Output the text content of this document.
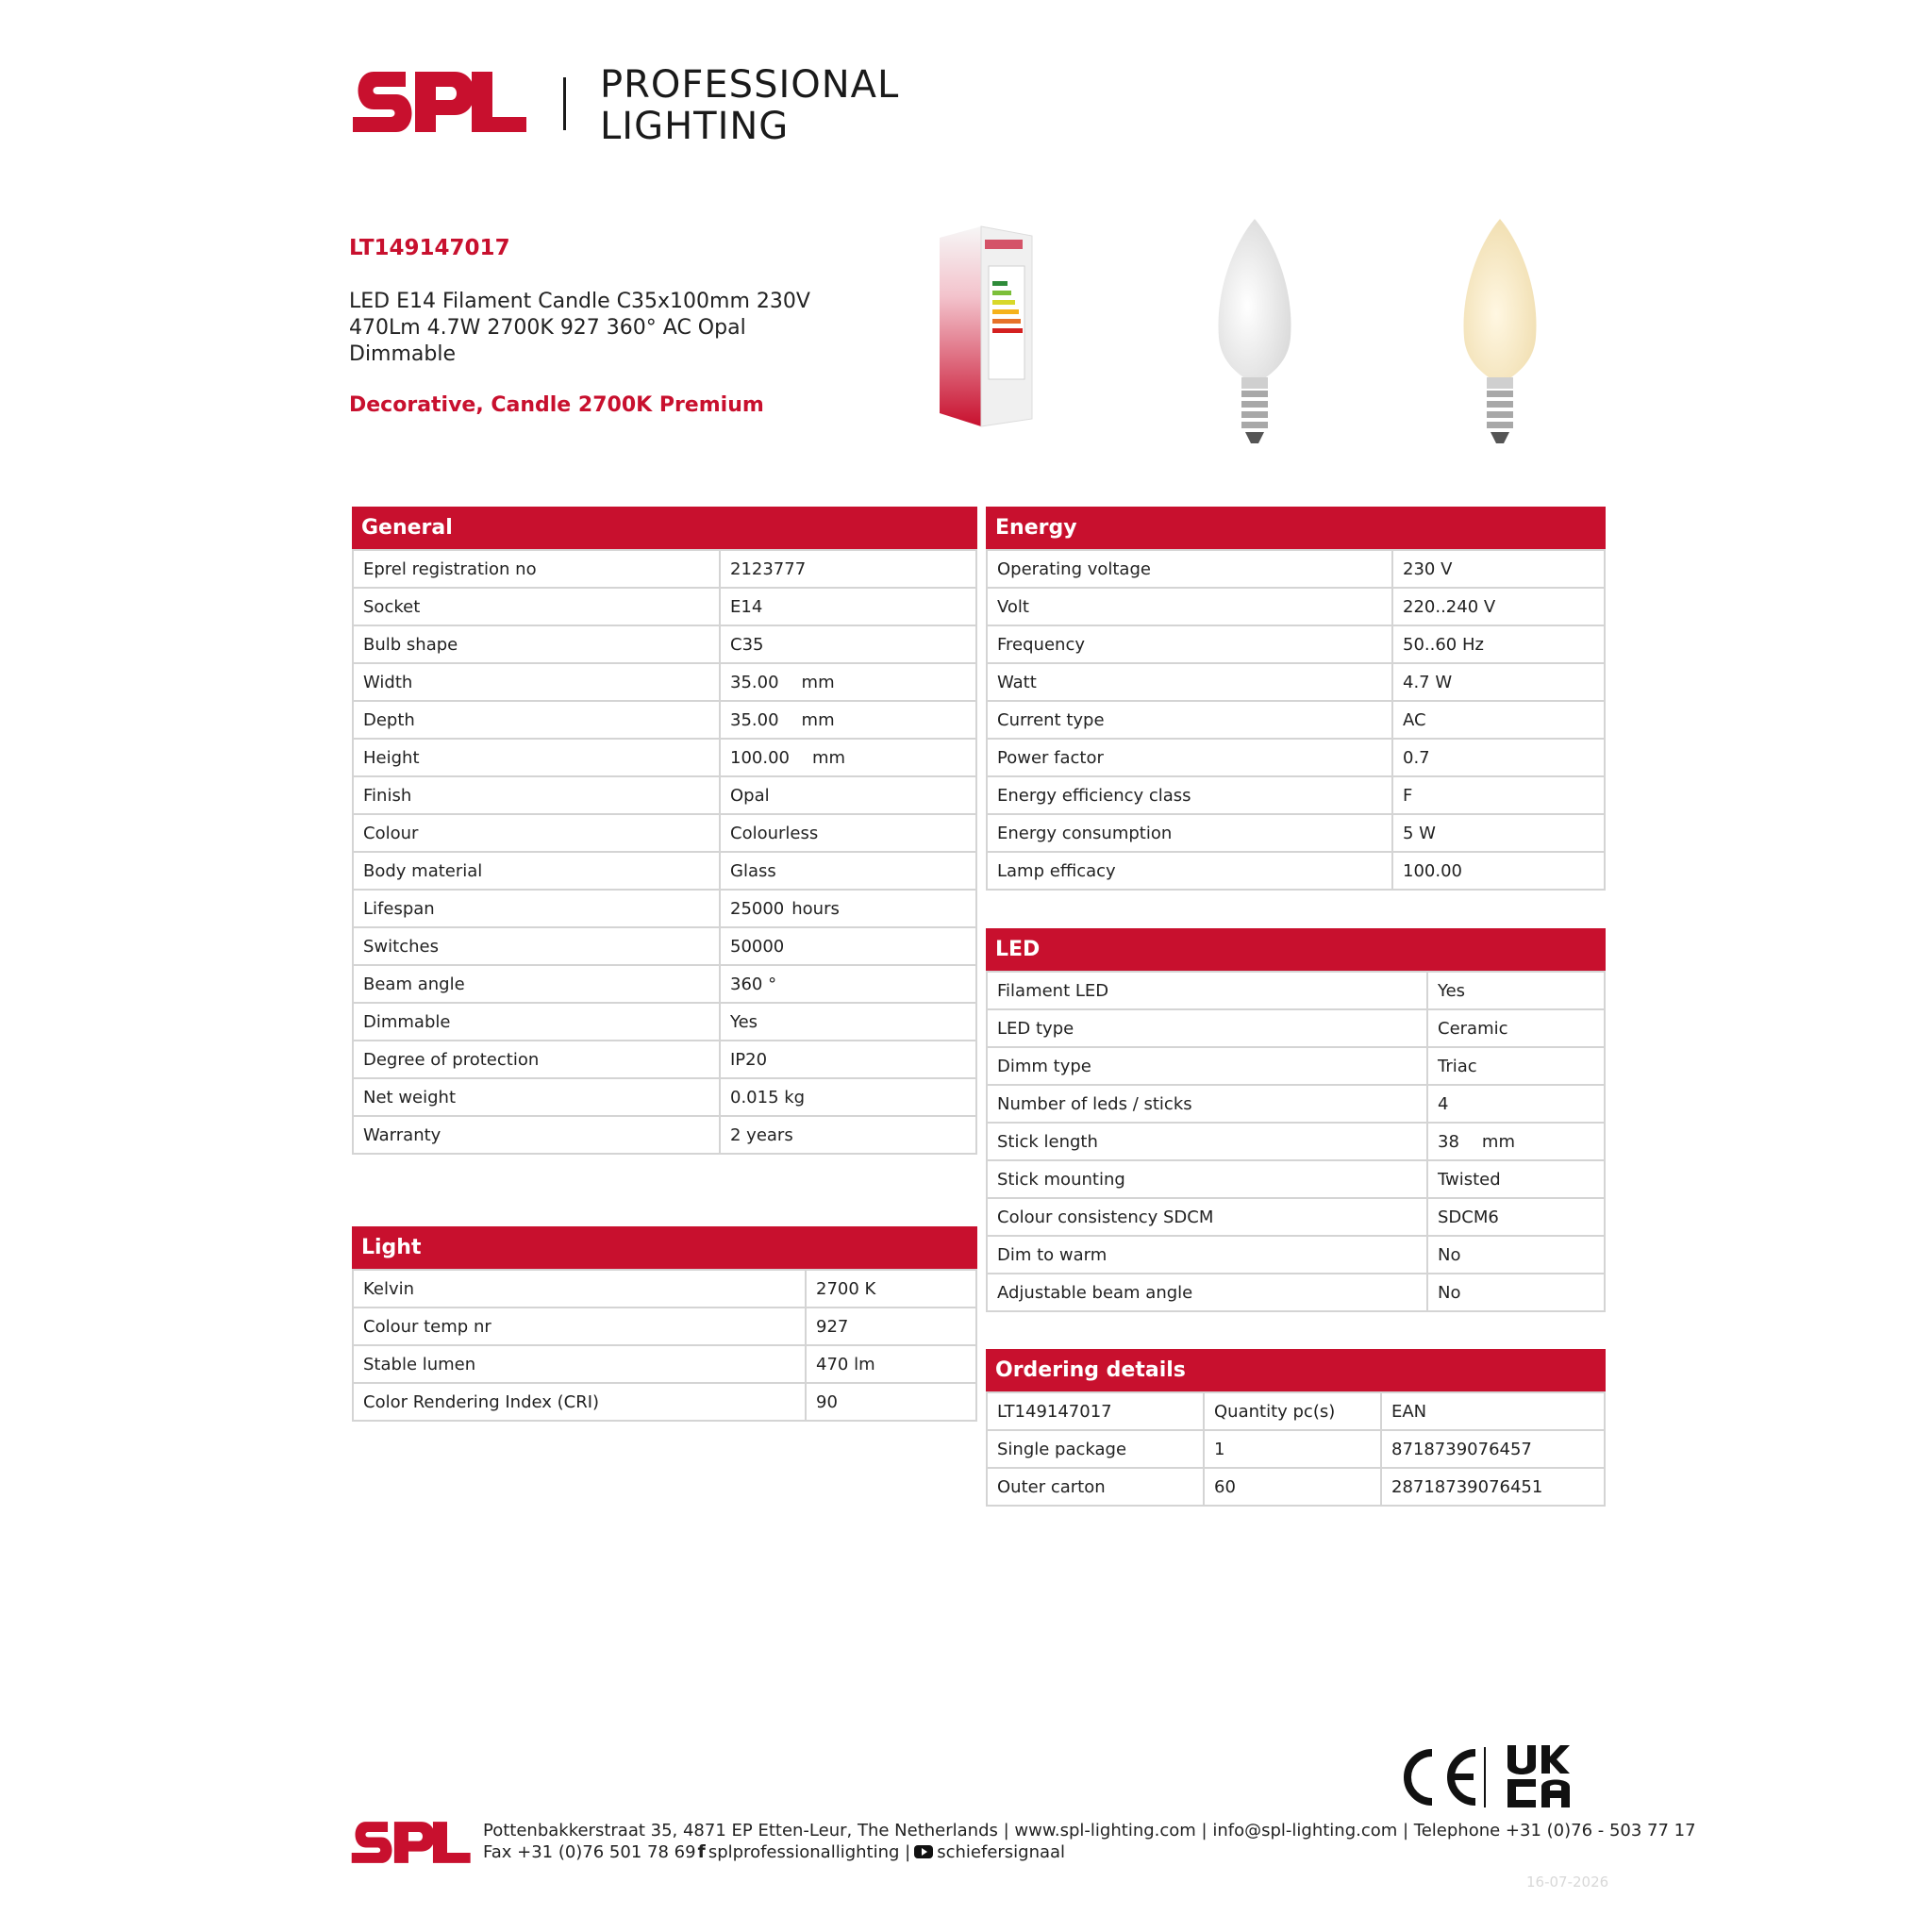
PROFESSIONAL
LIGHTING
LT149147017
LED E14 Filament Candle C35x100mm 230V 470Lm 4.7W 2700K 927 360° AC Opal Dimmable
Decorative, Candle 2700K Premium
General
Eprel registration no	2123777
Socket	E14
Bulb shape	C35
Width	35.00 mm
Depth	35.00 mm
Height	100.00 mm
Finish	Opal
Colour	Colourless
Body material	Glass
Lifespan	25000 hours
Switches	50000
Beam angle	360 °
Dimmable	Yes
Degree of protection	IP20
Net weight	0.015 kg
Warranty	2 years
Light
Kelvin	2700 K
Colour temp nr	927
Stable lumen	470 lm
Color Rendering Index (CRI)	90
Energy
Operating voltage	230 V
Volt	220..240 V
Frequency	50..60 Hz
Watt	4.7 W
Current type	AC
Power factor	0.7
Energy efficiency class	F
Energy consumption	5 W
Lamp efficacy	100.00
LED
Filament LED	Yes
LED type	Ceramic
Dimm type	Triac
Number of leds / sticks	4
Stick length	38 mm
Stick mounting	Twisted
Colour consistency SDCM	SDCM6
Dim to warm	No
Adjustable beam angle	No
Ordering details
LT149147017	Quantity pc(s)	EAN
Single package	1	8718739076457
Outer carton	60	28718739076451
Pottenbakkerstraat 35, 4871 EP Etten-Leur, The Netherlands | www.spl-lighting.com | info@spl-lighting.com | Telephone +31 (0)76 - 503 77 17
Fax +31 (0)76 501 78 69 f splprofessionallighting | schiefersignaal
16-07-2026
